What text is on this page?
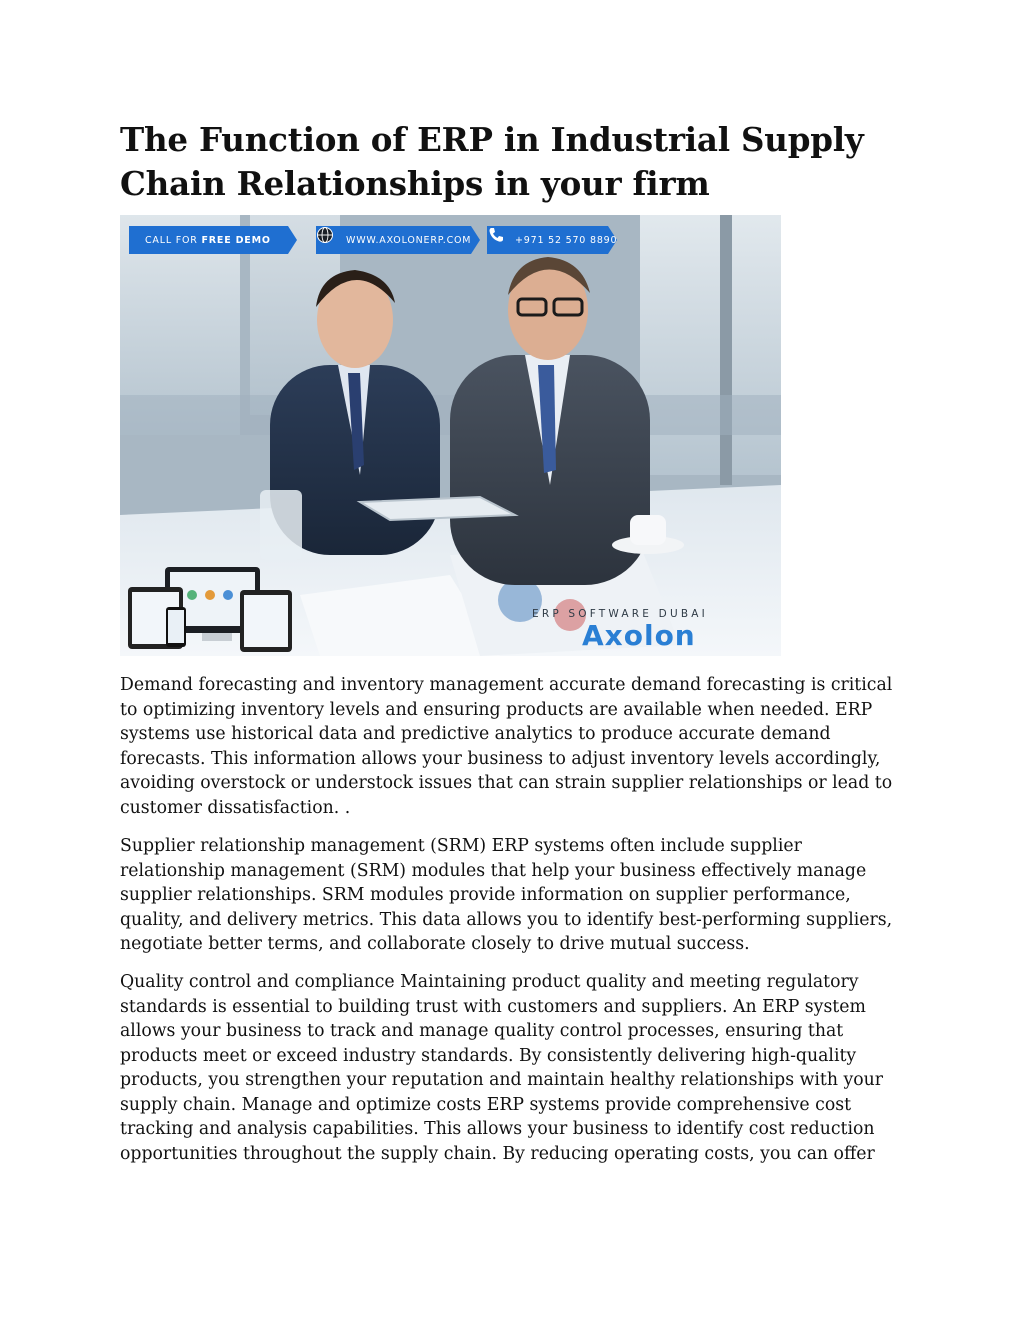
The Function of ERP in Industrial Supply Chain Relationships in your firm
CALL FOR
FREE DEMO	WWW.AXOLONERP.COM	+971 52 570 8890
ERP SOFTWARE DUBAI
Axolon

Demand forecasting and inventory management accurate demand forecasting is critical to optimizing inventory levels and ensuring products are available when needed. ERP systems use historical data and predictive analytics to produce accurate demand forecasts. This information allows your business to adjust inventory levels accordingly, avoiding overstock or understock issues that can strain supplier relationships or lead to customer dissatisfaction. .

Supplier relationship management (SRM) ERP systems often include supplier relationship management (SRM) modules that help your business effectively manage supplier relationships. SRM modules provide information on supplier performance, quality, and delivery metrics. This data allows you to identify best-performing suppliers, negotiate better terms, and collaborate closely to drive mutual success.

Quality control and compliance Maintaining product quality and meeting regulatory standards is essential to building trust with customers and suppliers. An ERP system allows your business to track and manage quality control processes, ensuring that products meet or exceed industry standards. By consistently delivering high-quality products, you strengthen your reputation and maintain healthy relationships with your supply chain. Manage and optimize costs ERP systems provide comprehensive cost tracking and analysis capabilities. This allows your business to identify cost reduction opportunities throughout the supply chain. By reducing operating costs, you can offer
